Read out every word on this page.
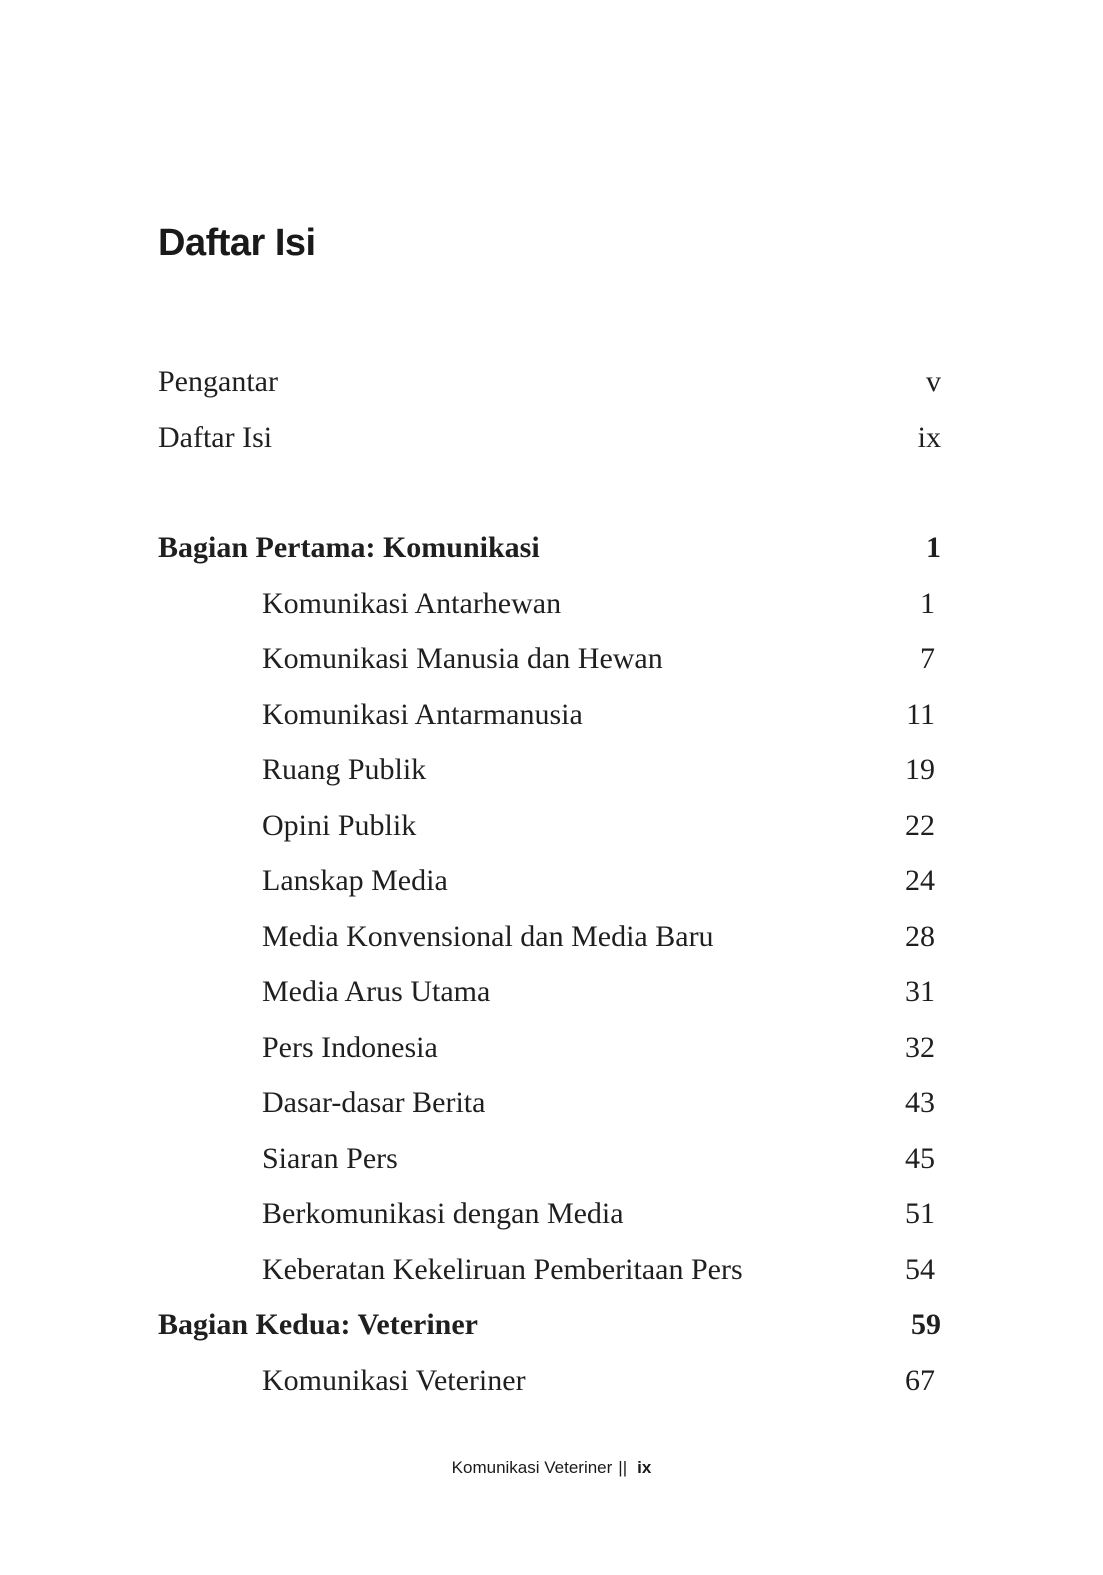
Daftar Isi
Pengantar	v
Daftar Isi	ix
Bagian Pertama: Komunikasi	1
Komunikasi Antarhewan	1
Komunikasi Manusia dan Hewan	7
Komunikasi Antarmanusia	11
Ruang Publik	19
Opini Publik	22
Lanskap Media	24
Media Konvensional dan Media Baru	28
Media Arus Utama	31
Pers Indonesia	32
Dasar-dasar Berita	43
Siaran Pers	45
Berkomunikasi dengan Media	51
Keberatan Kekeliruan Pemberitaan Pers	54
Bagian Kedua: Veteriner	59
Komunikasi Veteriner	67
Komunikasi Veteriner || ix
